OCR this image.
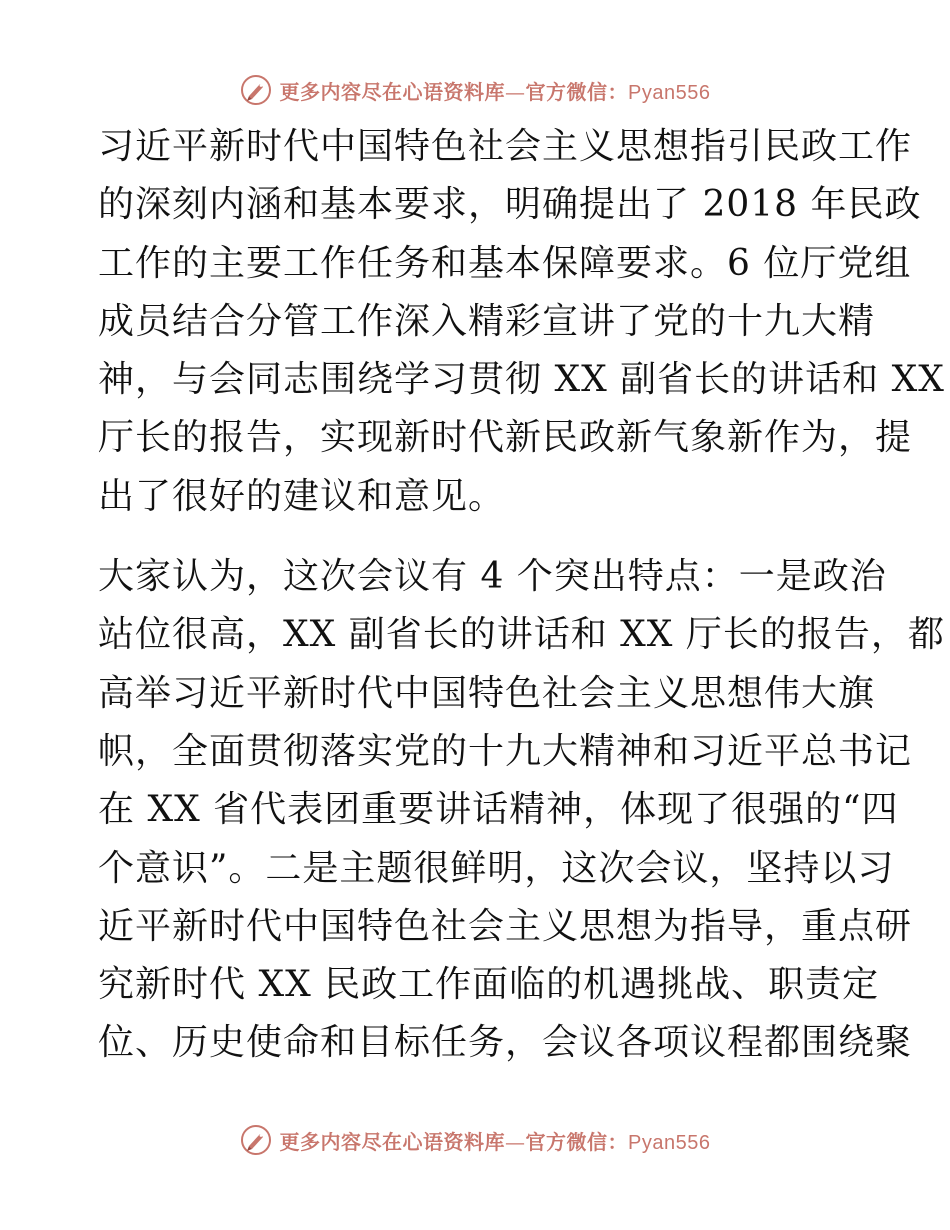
更多内容尽在心语资料库—官方微信：Pyan556
习近平新时代中国特色社会主义思想指引民政工作
的深刻内涵和基本要求，明确提出了 2018 年民政
工作的主要工作任务和基本保障要求。6 位厅党组
成员结合分管工作深入精彩宣讲了党的十九大精
神，与会同志围绕学习贯彻 XX 副省长的讲话和 XX
厅长的报告，实现新时代新民政新气象新作为，提
出了很好的建议和意见。
大家认为，这次会议有 4 个突出特点：一是政治
站位很高，XX 副省长的讲话和 XX 厅长的报告，都
高举习近平新时代中国特色社会主义思想伟大旗
帜，全面贯彻落实党的十九大精神和习近平总书记
在 XX 省代表团重要讲话精神，体现了很强的“四
个意识”。二是主题很鲜明，这次会议，坚持以习
近平新时代中国特色社会主义思想为指导，重点研
究新时代 XX 民政工作面临的机遇挑战、职责定
位、历史使命和目标任务，会议各项议程都围绕聚
更多内容尽在心语资料库—官方微信：Pyan556
